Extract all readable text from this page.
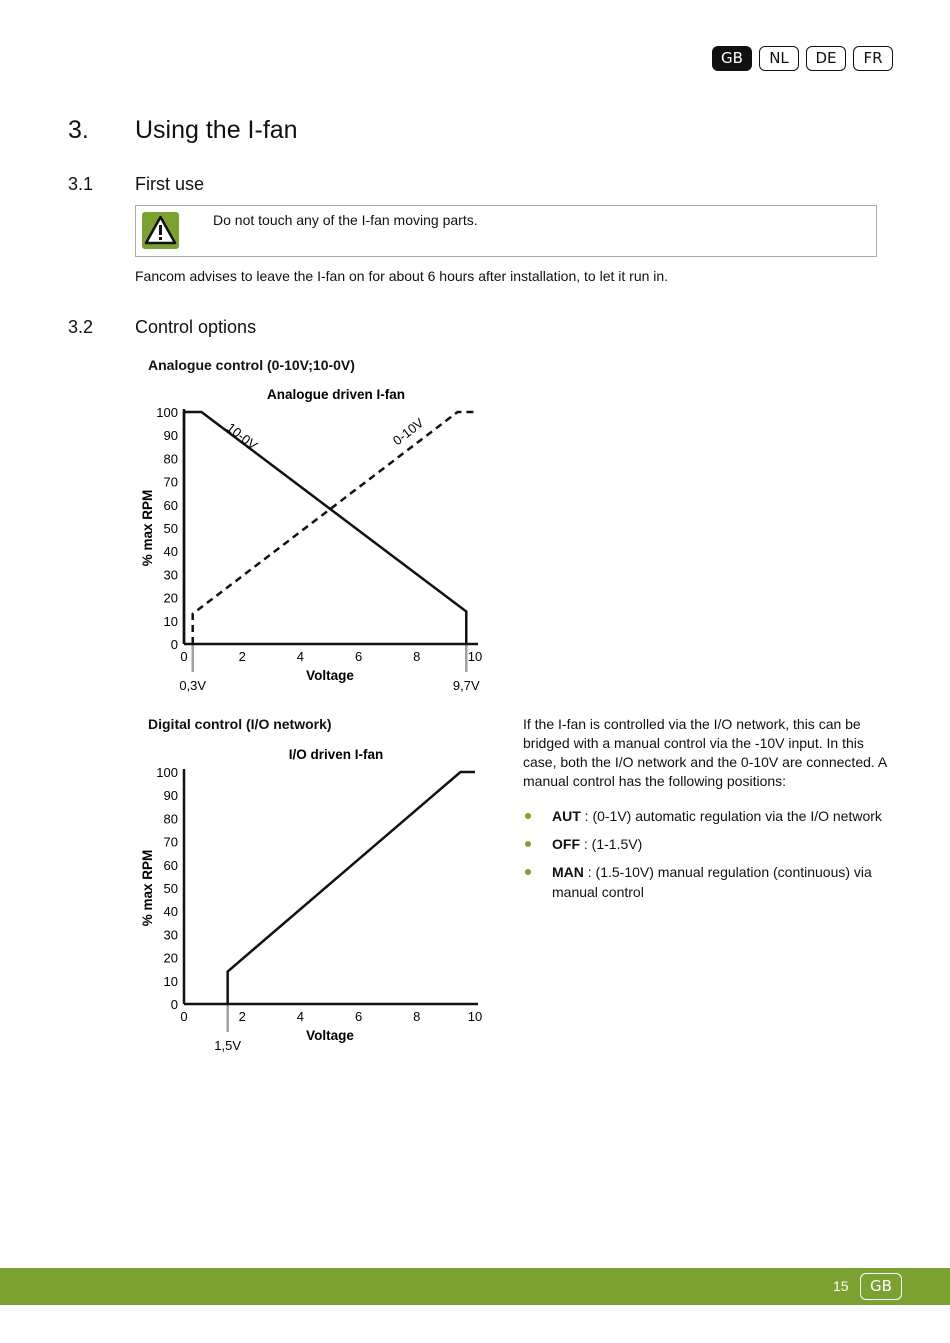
GB	NL	DE	FR
3. Using the I-fan
3.1 First use
Do not touch any of the I-fan moving parts.
Fancom advises to leave the I-fan on for about 6 hours after installation, to let it run in.
3.2 Control options
Analogue control (0-10V;10-0V)
Analogue driven I-fan
0,3V	9,7V
0
10
20
30
40
50
60
70
80
90
100
0	2	4	6	8	10
Voltage
% max RPM
10-0V	0-10V
Digital control (I/O network)
I/O driven I-fan
1,5V
0
10
20
30
40
50
60
70
80
90
100
0	2	4	6	8	10
Voltage
% max RPM
If the I-fan is controlled via the I/O network, this can be bridged with a manual control via the -10V input. In this case, both the I/O network and the 0-10V are connected. A manual control has the following positions:
AUT : (0-1V) automatic regulation via the I/O network
OFF : (1-1.5V)
MAN : (1.5-10V) manual regulation (continuous) via manual control
15	GB
